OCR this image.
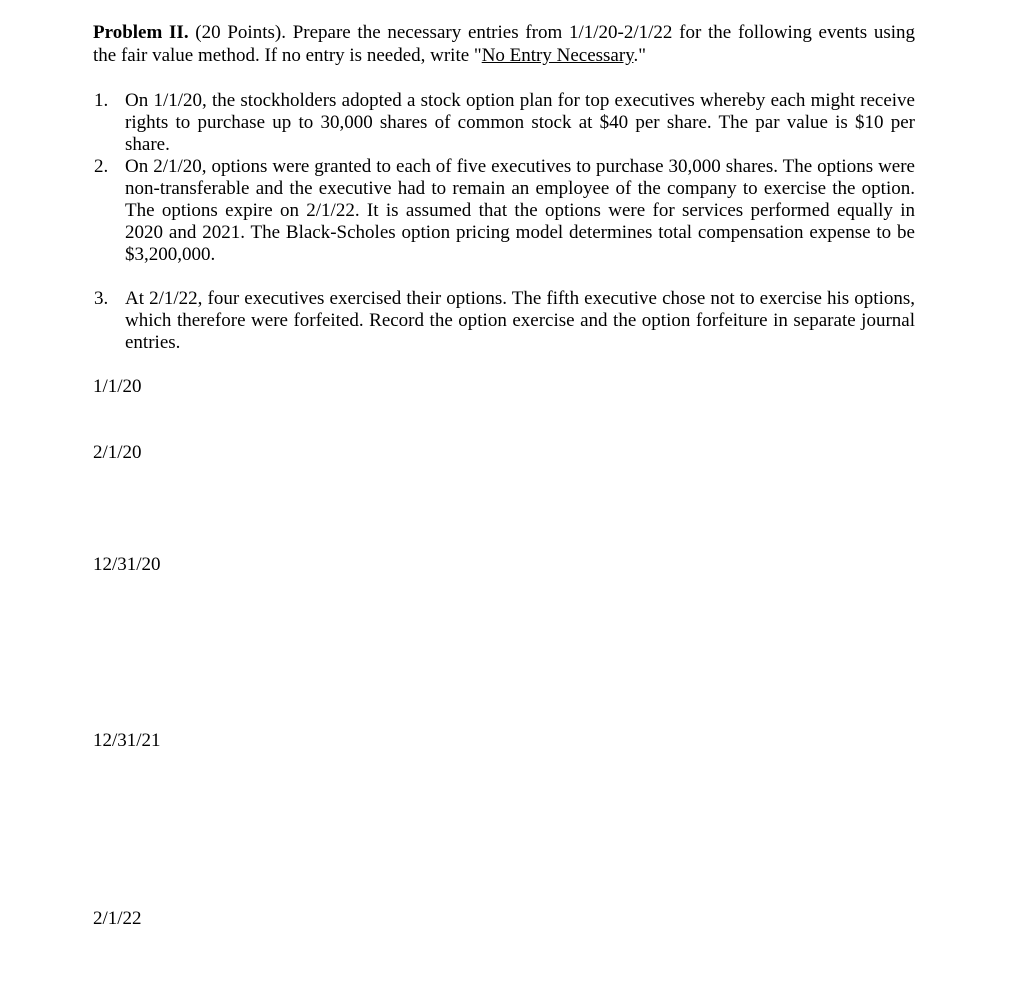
Problem II. (20 Points). Prepare the necessary entries from 1/1/20-2/1/22 for the following events using the fair value method. If no entry is needed, write "No Entry Necessary."
1. On 1/1/20, the stockholders adopted a stock option plan for top executives whereby each might receive rights to purchase up to 30,000 shares of common stock at $40 per share. The par value is $10 per share.
2. On 2/1/20, options were granted to each of five executives to purchase 30,000 shares. The options were non-transferable and the executive had to remain an employee of the company to exercise the option. The options expire on 2/1/22. It is assumed that the options were for services performed equally in 2020 and 2021. The Black-Scholes option pricing model determines total compensation expense to be $3,200,000.
3. At 2/1/22, four executives exercised their options. The fifth executive chose not to exercise his options, which therefore were forfeited. Record the option exercise and the option forfeiture in separate journal entries.
1/1/20
2/1/20
12/31/20
12/31/21
2/1/22
